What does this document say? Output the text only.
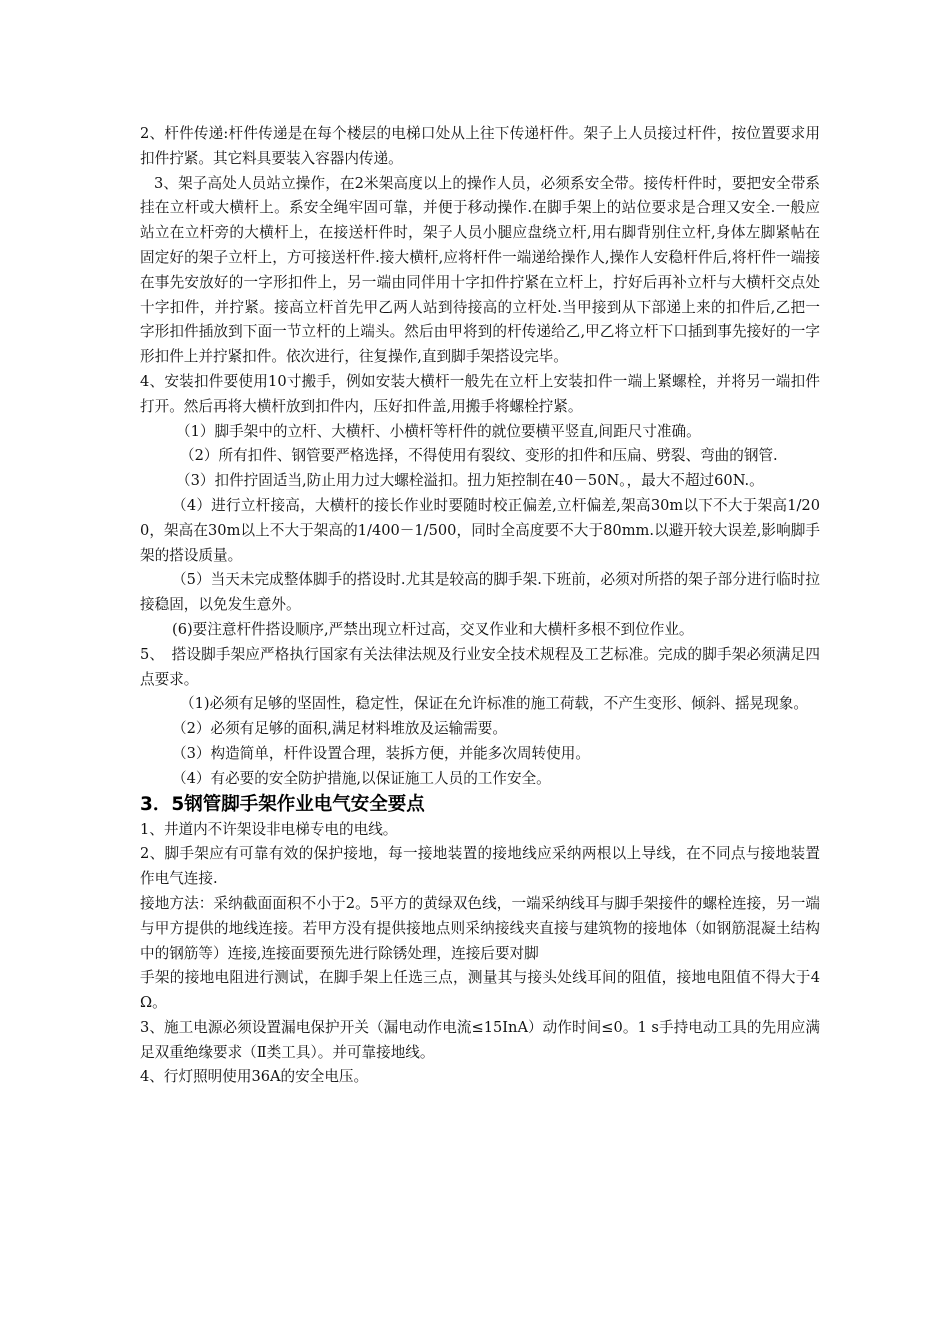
2、杆件传递:杆件传递是在每个楼层的电梯口处从上往下传递杆件。架子上人员接过杆件，按位置要求用扣件拧紧。其它料具要装入容器内传递。

3、架子高处人员站立操作，在2米架高度以上的操作人员，必须系安全带。接传杆件时，要把安全带系挂在立杆或大横杆上。系安全绳牢固可靠，并便于移动操作.在脚手架上的站位要求是合理又安全.一般应站立在立杆旁的大横杆上，在接送杆件时，架子人员小腿应盘绕立杆,用右脚背别住立杆,身体左脚紧帖在固定好的架子立杆上，方可接送杆件.接大横杆,应将杆件一端递给操作人,操作人安稳杆件后,将杆件一端接在事先安放好的一字形扣件上，另一端由同伴用十字扣件拧紧在立杆上，拧好后再补立杆与大横杆交点处十字扣件，并拧紧。接高立杆首先甲乙两人站到待接高的立杆处.当甲接到从下部递上来的扣件后,乙把一字形扣件插放到下面一节立杆的上端头。然后由甲将到的杆传递给乙,甲乙将立杆下口插到事先接好的一字形扣件上并拧紧扣件。依次进行，往复操作,直到脚手架搭设完毕。

4、安装扣件要使用10寸搬手，例如安装大横杆一般先在立杆上安装扣件一端上紧螺栓，并将另一端扣件打开。然后再将大横杆放到扣件内，压好扣件盖,用搬手将螺栓拧紧。

（1）脚手架中的立杆、大横杆、小横杆等杆件的就位要横平竖直,间距尺寸准确。

（2）所有扣件、钢管要严格选择，不得使用有裂纹、变形的扣件和压扁、劈裂、弯曲的钢管.

（3）扣件拧固适当,防止用力过大螺栓溢扣。扭力矩控制在40－50N。，最大不超过60N.。

（4）进行立杆接高，大横杆的接长作业时要随时校正偏差,立杆偏差,架高30m以下不大于架高1/200，架高在30m以上不大于架高的1/400－1/500，同时全高度要不大于80mm.以避开较大误差,影响脚手架的搭设质量。

（5）当天未完成整体脚手的搭设时.尤其是较高的脚手架.下班前，必须对所搭的架子部分进行临时拉接稳固，以免发生意外。

(6)要注意杆件搭设顺序,严禁出现立杆过高，交叉作业和大横杆多根不到位作业。

5、　搭设脚手架应严格执行国家有关法律法规及行业安全技术规程及工艺标准。完成的脚手架必须满足四点要求。

（1)必须有足够的坚固性，稳定性，保证在允许标准的施工荷载，不产生变形、倾斜、摇晃现象。

（2）必须有足够的面积,满足材料堆放及运输需要。

（3）构造简单，杆件设置合理，装拆方便，并能多次周转使用。

（4）有必要的安全防护措施,以保证施工人员的工作安全。

3．5钢管脚手架作业电气安全要点

1、井道内不许架设非电梯专电的电线。

2、脚手架应有可靠有效的保护接地，每一接地装置的接地线应采纳两根以上导线，在不同点与接地装置作电气连接.

接地方法：采纳截面面积不小于2。5平方的黄绿双色线，一端采纳线耳与脚手架接件的螺栓连接，另一端与甲方提供的地线连接。若甲方没有提供接地点则采纳接线夹直接与建筑物的接地体（如钢筋混凝土结构中的钢筋等）连接,连接面要预先进行除锈处理，连接后要对脚

手架的接地电阻进行测试，在脚手架上任选三点，测量其与接头处线耳间的阻值，接地电阻值不得大于4Ω。

3、施工电源必须设置漏电保护开关（漏电动作电流≤15InA）动作时间≤0。1 s手持电动工具的先用应满足双重绝缘要求（Ⅱ类工具）。并可靠接地线。

4、行灯照明使用36A的安全电压。
